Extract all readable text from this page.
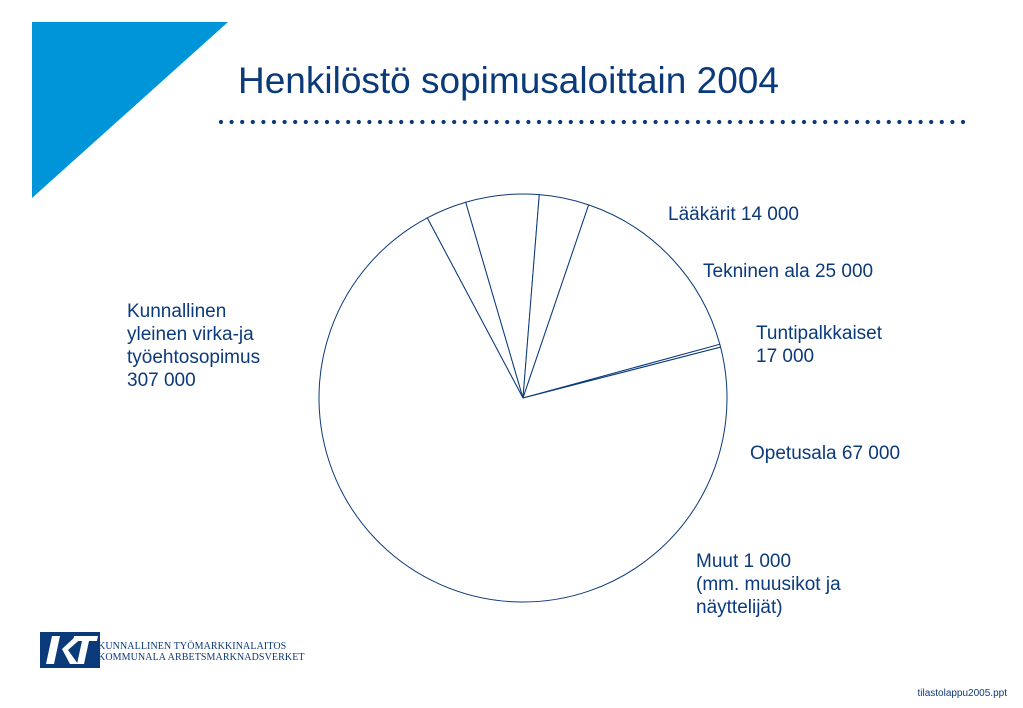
Henkilöstö sopimusaloittain 2004
Lääkärit 14 000
Tekninen ala 25 000
Tuntipalkkaiset
17 000
Opetusala 67 000
Muut 1 000
(mm. muusikot ja
näyttelijät)
Kunnallinen
yleinen virka-ja
työehtosopimus
307 000
KUNNALLINEN TYÖMARKKINALAITOS
KOMMUNALA ARBETSMARKNADSVERKET
tilastolappu2005.ppt
